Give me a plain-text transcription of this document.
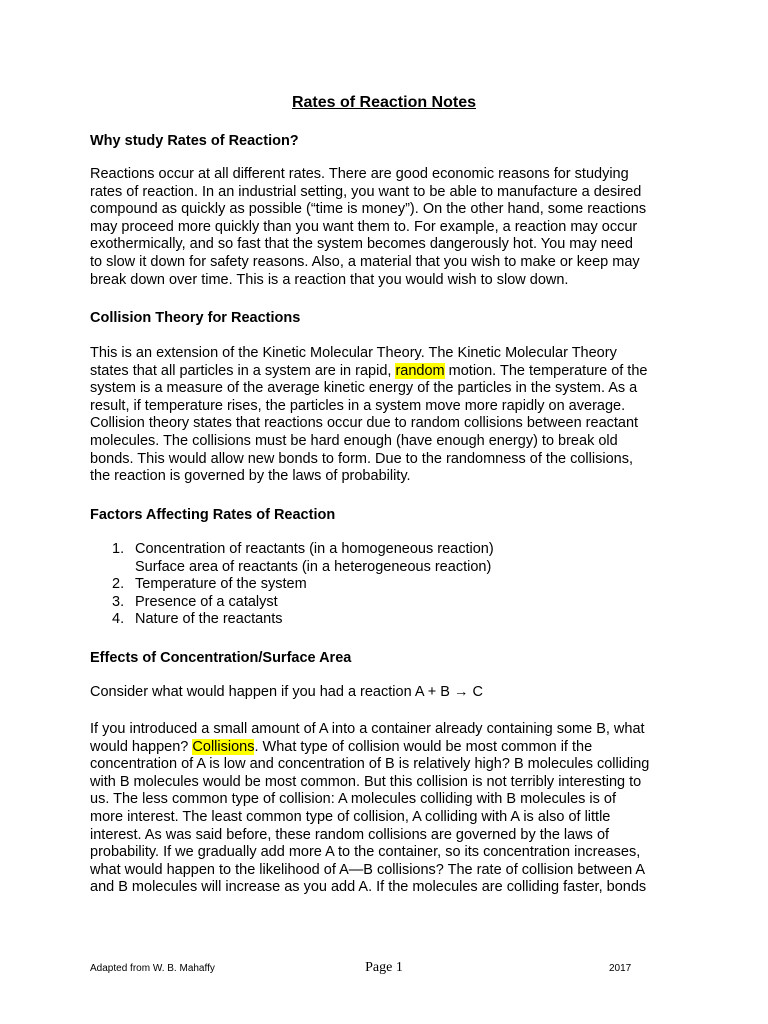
Rates of Reaction Notes
Why study Rates of Reaction?
Reactions occur at all different rates. There are good economic reasons for studying
rates of reaction. In an industrial setting, you want to be able to manufacture a desired
compound as quickly as possible (“time is money”). On the other hand, some reactions
may proceed more quickly than you want them to. For example, a reaction may occur
exothermically, and so fast that the system becomes dangerously hot. You may need
to slow it down for safety reasons. Also, a material that you wish to make or keep may
break down over time. This is a reaction that you would wish to slow down.
Collision Theory for Reactions
This is an extension of the Kinetic Molecular Theory. The Kinetic Molecular Theory
states that all particles in a system are in rapid, random motion. The temperature of the
system is a measure of the average kinetic energy of the particles in the system. As a
result, if temperature rises, the particles in a system move more rapidly on average.
Collision theory states that reactions occur due to random collisions between reactant
molecules. The collisions must be hard enough (have enough energy) to break old
bonds. This would allow new bonds to form. Due to the randomness of the collisions,
the reaction is governed by the laws of probability.
Factors Affecting Rates of Reaction
1. Concentration of reactants (in a homogeneous reaction)
Surface area of reactants (in a heterogeneous reaction)
2. Temperature of the system
3. Presence of a catalyst
4. Nature of the reactants
Effects of Concentration/Surface Area
Consider what would happen if you had a reaction A + B → C
If you introduced a small amount of A into a container already containing some B, what
would happen? Collisions. What type of collision would be most common if the
concentration of A is low and concentration of B is relatively high? B molecules colliding
with B molecules would be most common. But this collision is not terribly interesting to
us. The less common type of collision: A molecules colliding with B molecules is of
more interest. The least common type of collision, A colliding with A is also of little
interest. As was said before, these random collisions are governed by the laws of
probability. If we gradually add more A to the container, so its concentration increases,
what would happen to the likelihood of A—B collisions? The rate of collision between A
and B molecules will increase as you add A. If the molecules are colliding faster, bonds
Adapted from W. B. Mahaffy	Page 1	2017
